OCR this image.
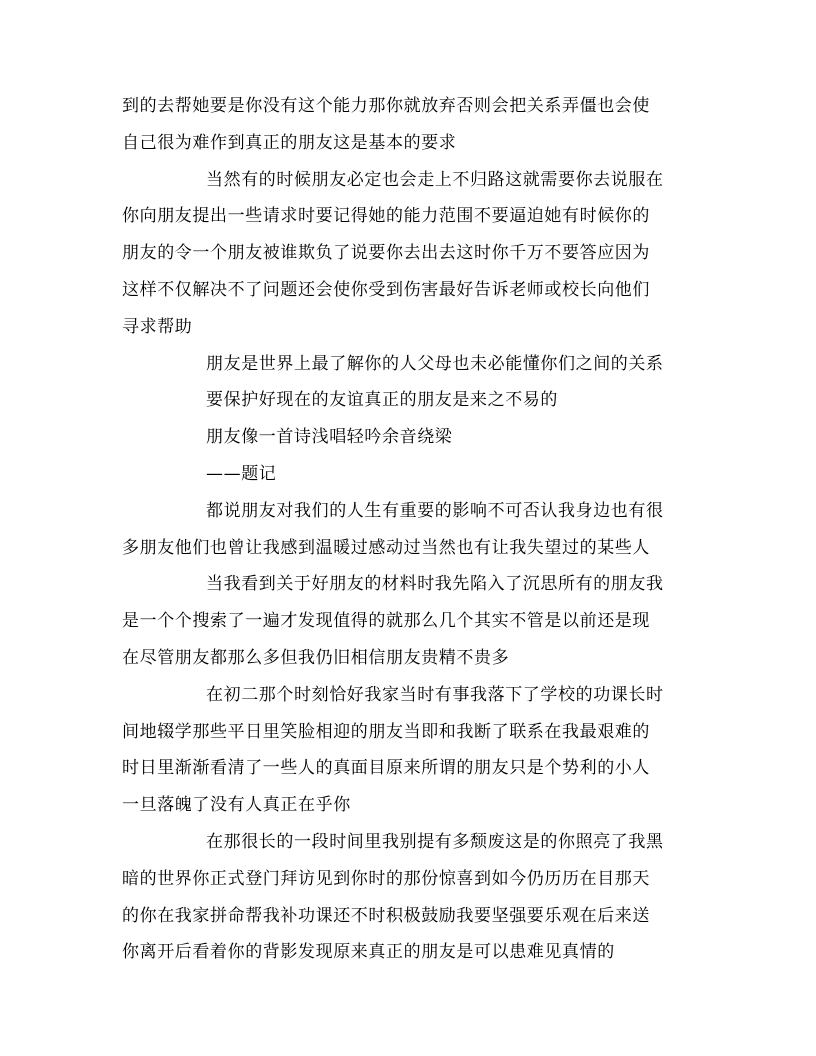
到的去帮她要是你没有这个能力那你就放弃否则会把关系弄僵也会使
自己很为难作到真正的朋友这是基本的要求
当然有的时候朋友必定也会走上不归路这就需要你去说服在
你向朋友提出一些请求时要记得她的能力范围不要逼迫她有时候你的
朋友的令一个朋友被谁欺负了说要你去出去这时你千万不要答应因为
这样不仅解决不了问题还会使你受到伤害最好告诉老师或校长向他们
寻求帮助
朋友是世界上最了解你的人父母也未必能懂你们之间的关系
要保护好现在的友谊真正的朋友是来之不易的
朋友像一首诗浅唱轻吟余音绕梁
——题记
都说朋友对我们的人生有重要的影响不可否认我身边也有很
多朋友他们也曾让我感到温暖过感动过当然也有让我失望过的某些人
当我看到关于好朋友的材料时我先陷入了沉思所有的朋友我
是一个个搜索了一遍才发现值得的就那么几个其实不管是以前还是现
在尽管朋友都那么多但我仍旧相信朋友贵精不贵多
在初二那个时刻恰好我家当时有事我落下了学校的功课长时
间地辍学那些平日里笑脸相迎的朋友当即和我断了联系在我最艰难的
时日里渐渐看清了一些人的真面目原来所谓的朋友只是个势利的小人
一旦落魄了没有人真正在乎你
在那很长的一段时间里我别提有多颓废这是的你照亮了我黑
暗的世界你正式登门拜访见到你时的那份惊喜到如今仍历历在目那天
的你在我家拼命帮我补功课还不时积极鼓励我要坚强要乐观在后来送
你离开后看着你的背影发现原来真正的朋友是可以患难见真情的
